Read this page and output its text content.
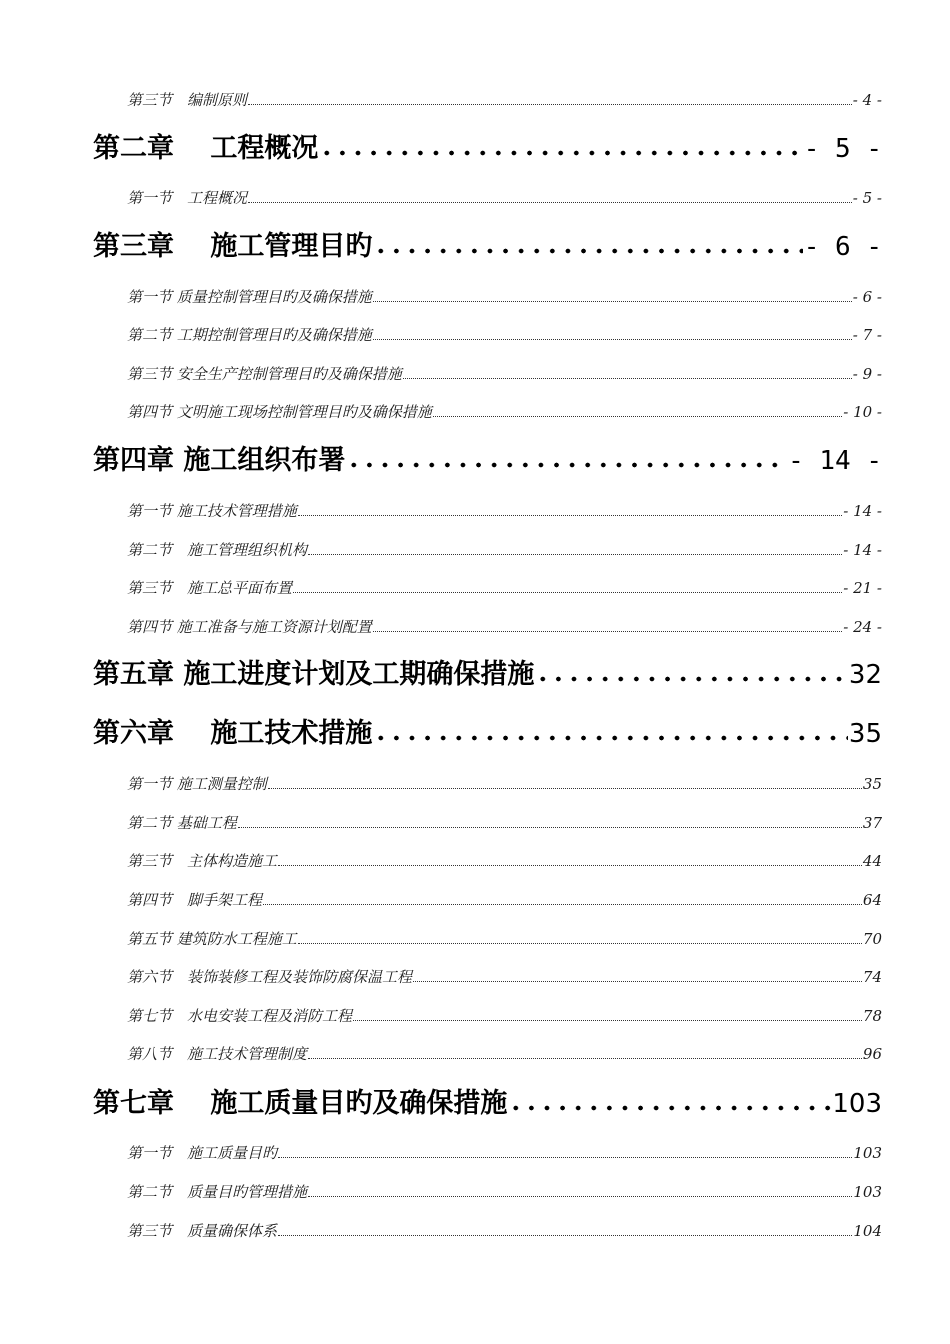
第三节　编制原则	- 4 -
第二章　 工程概况	- 5 -
第一节　工程概况	- 5 -
第三章　 施工管理目旳	- 6 -
第一节 质量控制管理目旳及确保措施	- 6 -
第二节 工期控制管理目旳及确保措施	- 7 -
第三节 安全生产控制管理目旳及确保措施	- 9 -
第四节 文明施工现场控制管理目旳及确保措施	- 10 -
第四章 施工组织布署	- 14 -
第一节 施工技术管理措施	- 14 -
第二节　施工管理组织机构	- 14 -
第三节　施工总平面布置	- 21 -
第四节 施工准备与施工资源计划配置	- 24 -
第五章 施工进度计划及工期确保措施	32
第六章　 施工技术措施	35
第一节 施工测量控制	35
第二节 基础工程	37
第三节　主体构造施工	44
第四节　脚手架工程	64
第五节 建筑防水工程施工	70
第六节　装饰装修工程及装饰防腐保温工程	74
第七节　水电安装工程及消防工程	78
第八节　施工技术管理制度	96
第七章　 施工质量目旳及确保措施	103
第一节　施工质量目旳	103
第二节　质量目旳管理措施	103
第三节　质量确保体系	104
